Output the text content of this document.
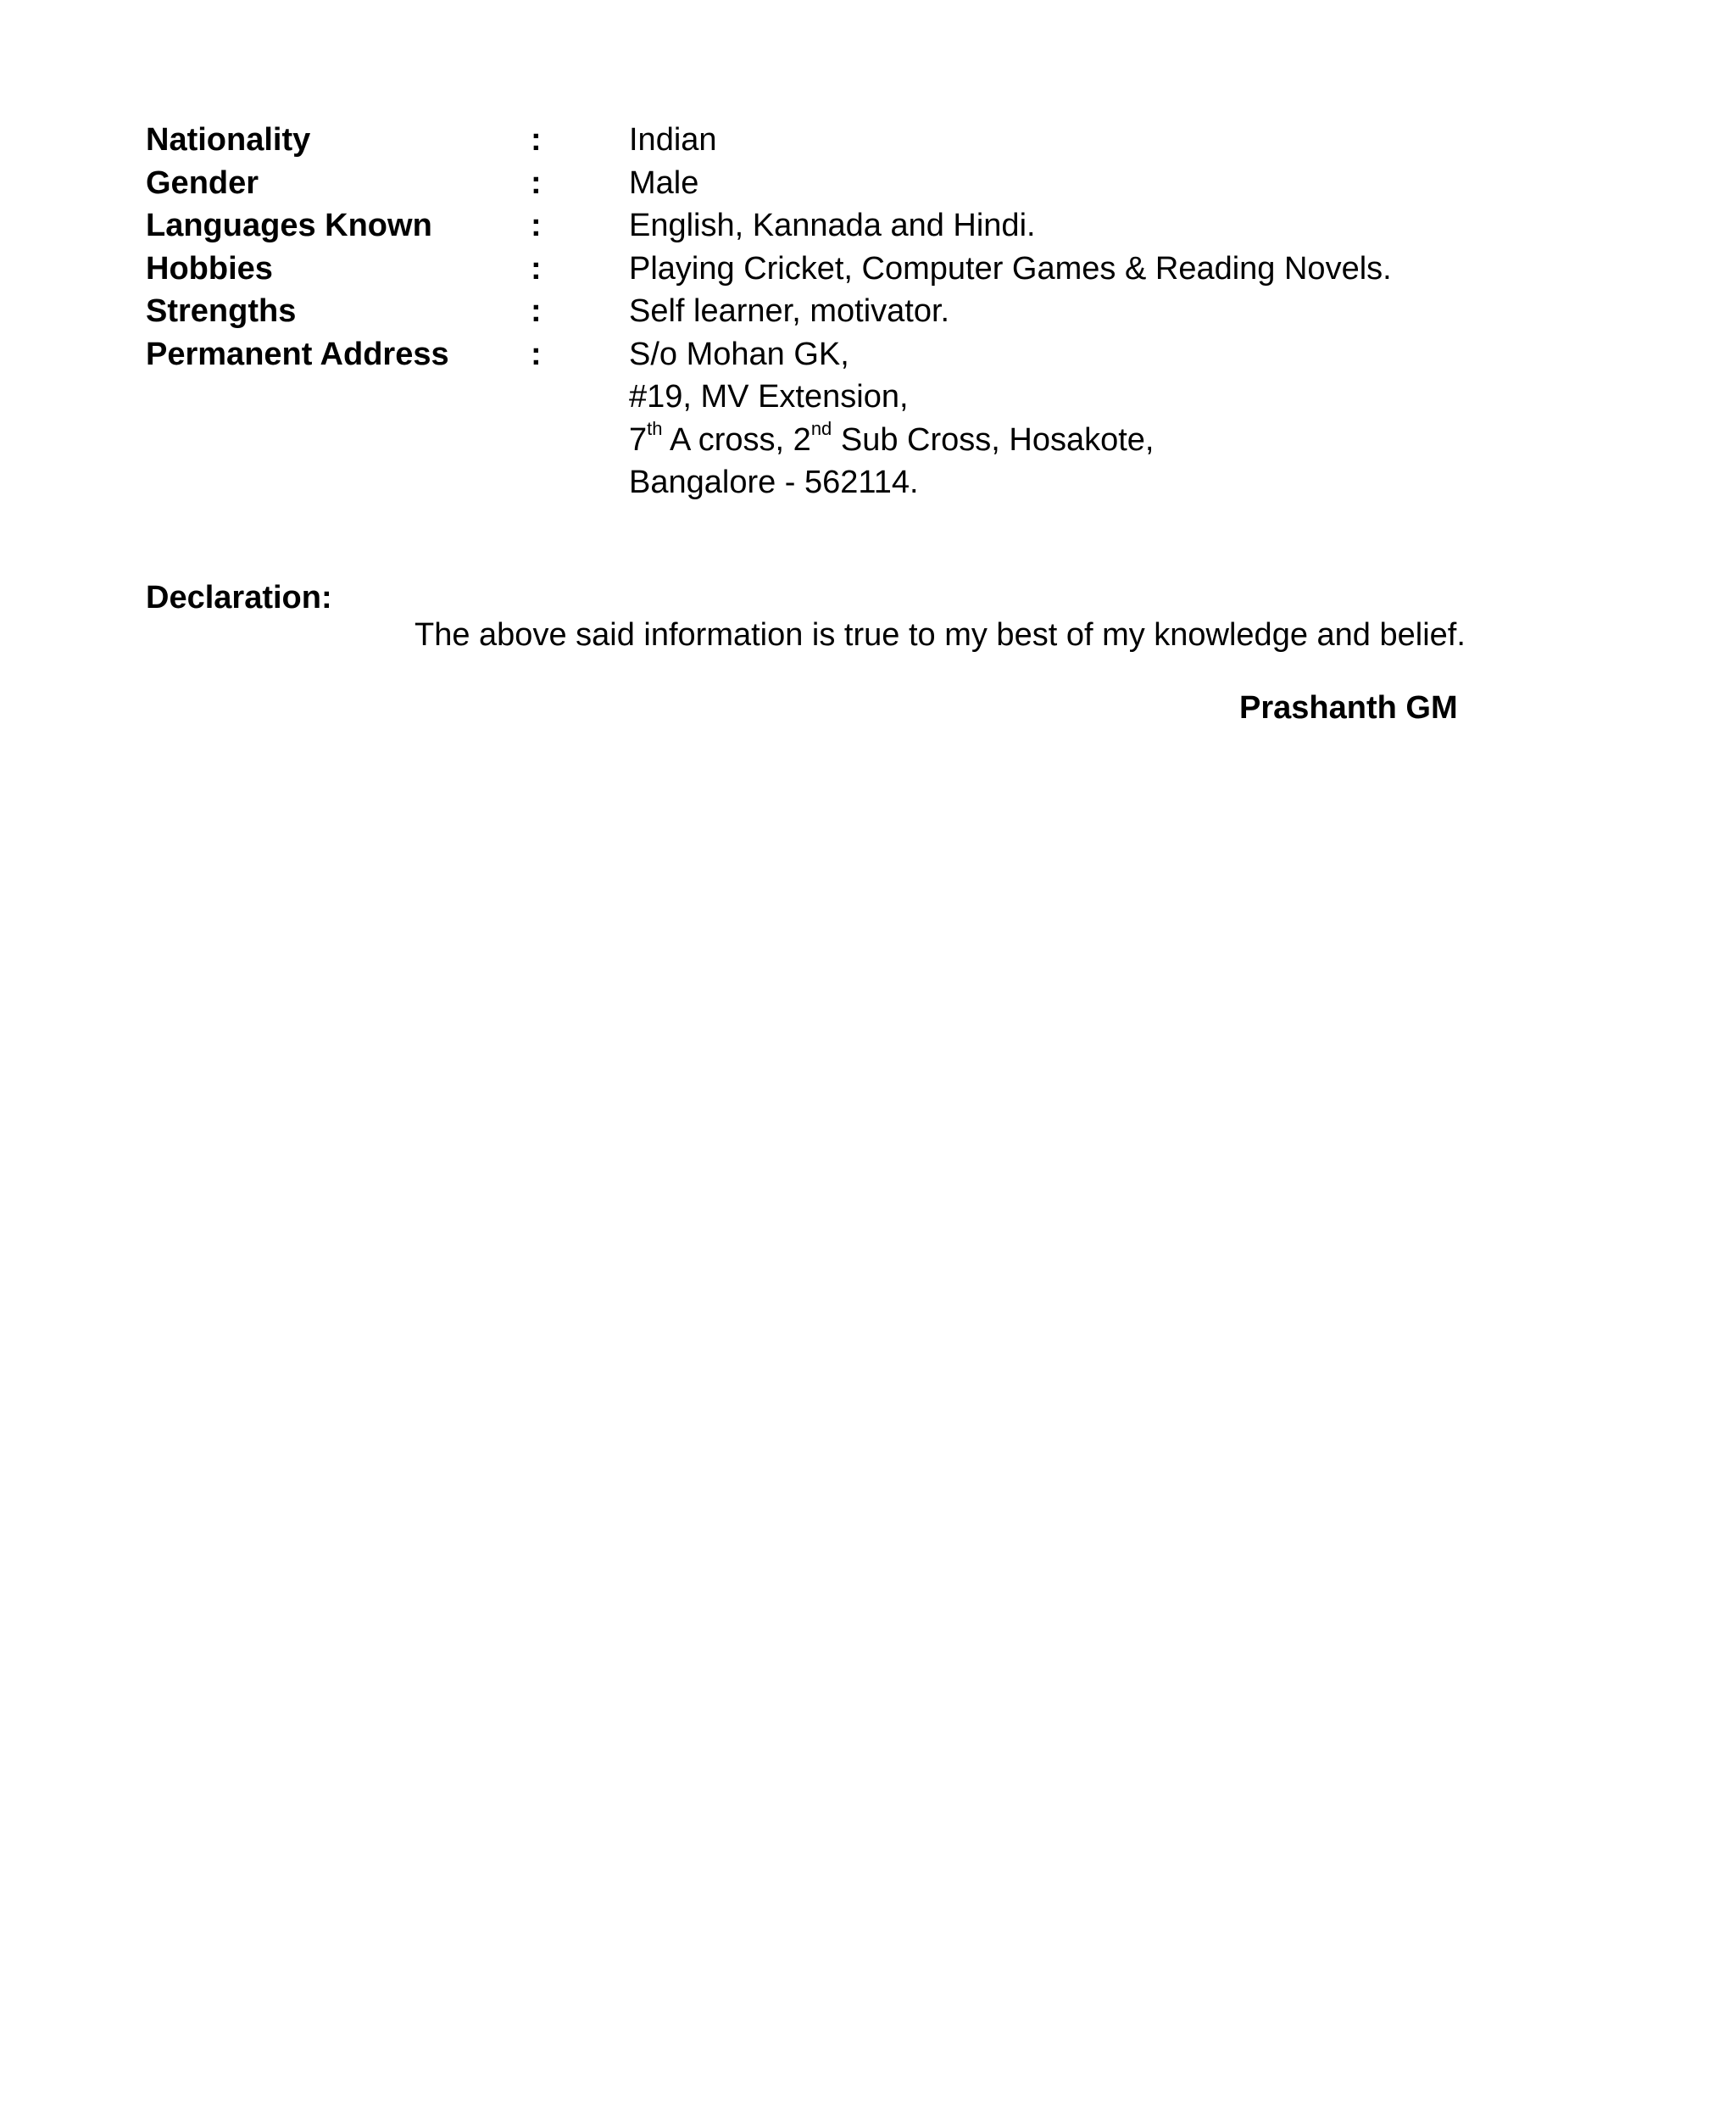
Nationality	:	Indian
Gender	:	Male
Languages Known	:	English, Kannada and Hindi.
Hobbies	:	Playing Cricket, Computer Games & Reading Novels.
Strengths	:	Self learner, motivator.
Permanent Address	:	S/o Mohan GK,
#19, MV Extension,
7th A cross, 2nd Sub Cross, Hosakote,
Bangalore - 562114.
Declaration:
The above said information is true to my best of my knowledge and belief.
Prashanth GM
